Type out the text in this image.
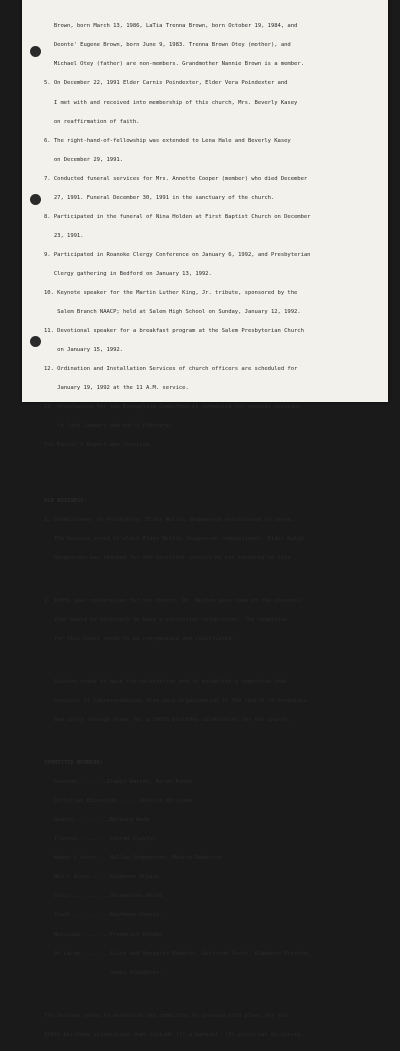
Brown, born March 13, 1986, LaTia Trenna Brown, born October 19, 1984, and

Deonte' Eugene Brown, born June 9, 1983. Trenna Brown Otey (mother), and

Michael Otey (father) are non-members. Grandmother Nannie Brown is a member.

5. On December 22, 1991 Elder Carnis Poindexter, Elder Vera Poindexter and

I met with and received into membership of this church, Mrs. Beverly Kasey

on reaffirmation of faith.

6. The right-hand-of-fellowship was extended to Lena Hale and Beverly Kasey

on December 29, 1991.

7. Conducted funeral services for Mrs. Annette Cooper (member) who died December

27, 1991. Funeral December 30, 1991 in the sanctuary of the church.

8. Participated in the funeral of Nina Holden at First Baptist Church on December

23, 1991.

9. Participated in Roanoke Clergy Conference on January 6, 1992, and Presbyterian

Clergy gathering in Bedford on January 13, 1992.

10. Keynote speaker for the Martin Luther King, Jr. tribute, sponsored by the

Salem Branch NAACP; held at Salem High School on Sunday, January 12, 1992.

11. Devotional speaker for a breakfast program at the Salem Presbyterian Church

on January 15, 1992.

12. Ordination and Installation Services of church officers are scheduled for

January 19, 1992 at the 11 A.M. service.

13. Orientation for the Evangelism Committee is scheduled for several sessions

in late January and early February.

The Pastor's Report was received.

OLD BUSINESS:

1. Commissioner to Presbytery: Elder Nellie Shepperson volunteered to serve.

The Session voted to elect Elder Nellie Shepperson commissioner. Elder Ralph

Shepperson was thanked for the excellent service he has rendered in this

2. 100th year celebration for the church. Dr. Nelden gave some of the elements

that would be necessary to have a successful celebration. The committee

for this event needs to be reorganized and reactivated.

Session voted to have the celebration and to establish a committee that

consists of representatives from each organization in the church to formulate

and carry through plans for a 100th birthday celebration for the church.

COMMITTEE MEMBERS:

Session.........Gladys Watson, Karen Kasey

Christian Education.......Valerie Williams

Deacon...........Barbara Wade

Trustee..........Conrad Claytor

Women's Assoc....Nellie Shepperson, Marion Roberson

Men's Assoc......Alphonso McCain

Choir............Jacqueline White

Youth............Raytheon Copney.

Musician.........Frederick Holden

At Large.........Alice and Margaret Roberts, Gertrude Scott, Alphonso Preston,

James Slaughter.

The Session voted to authorize the committee to proceed with plans for the

100th birthday celebration that include (1) a banquet, (2) pictorial directory,
